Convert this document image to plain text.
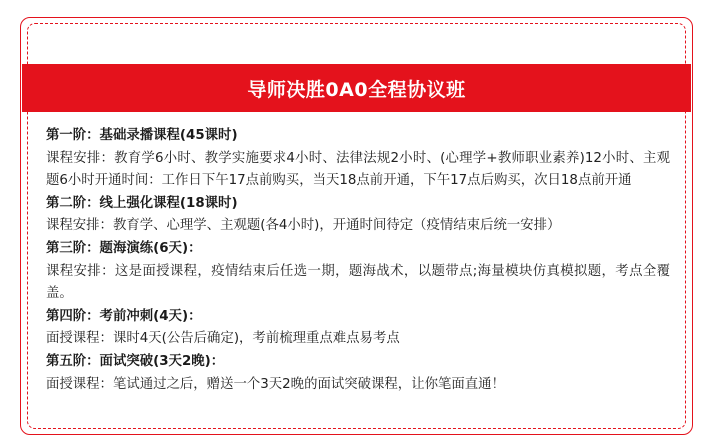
导师决胜0A0全程协议班
第一阶：基础录播课程(45课时)
课程安排：教育学6小时、教学实施要求4小时、法律法规2小时、(心理学+教师职业素养)12小时、主观题6小时开通时间：工作日下午17点前购买，当天18点前开通，下午17点后购买，次日18点前开通
第二阶：线上强化课程(18课时)
课程安排：教育学、心理学、主观题(各4小时)，开通时间待定（疫情结束后统一安排）
第三阶：题海演练(6天)：
课程安排：这是面授课程，疫情结束后任选一期，题海战术，以题带点;海量模块仿真模拟题，考点全覆盖。
第四阶：考前冲刺(4天)：
面授课程：课时4天(公告后确定)，考前梳理重点难点易考点
第五阶：面试突破(3天2晚)：
面授课程：笔试通过之后，赠送一个3天2晚的面试突破课程，让你笔面直通！
